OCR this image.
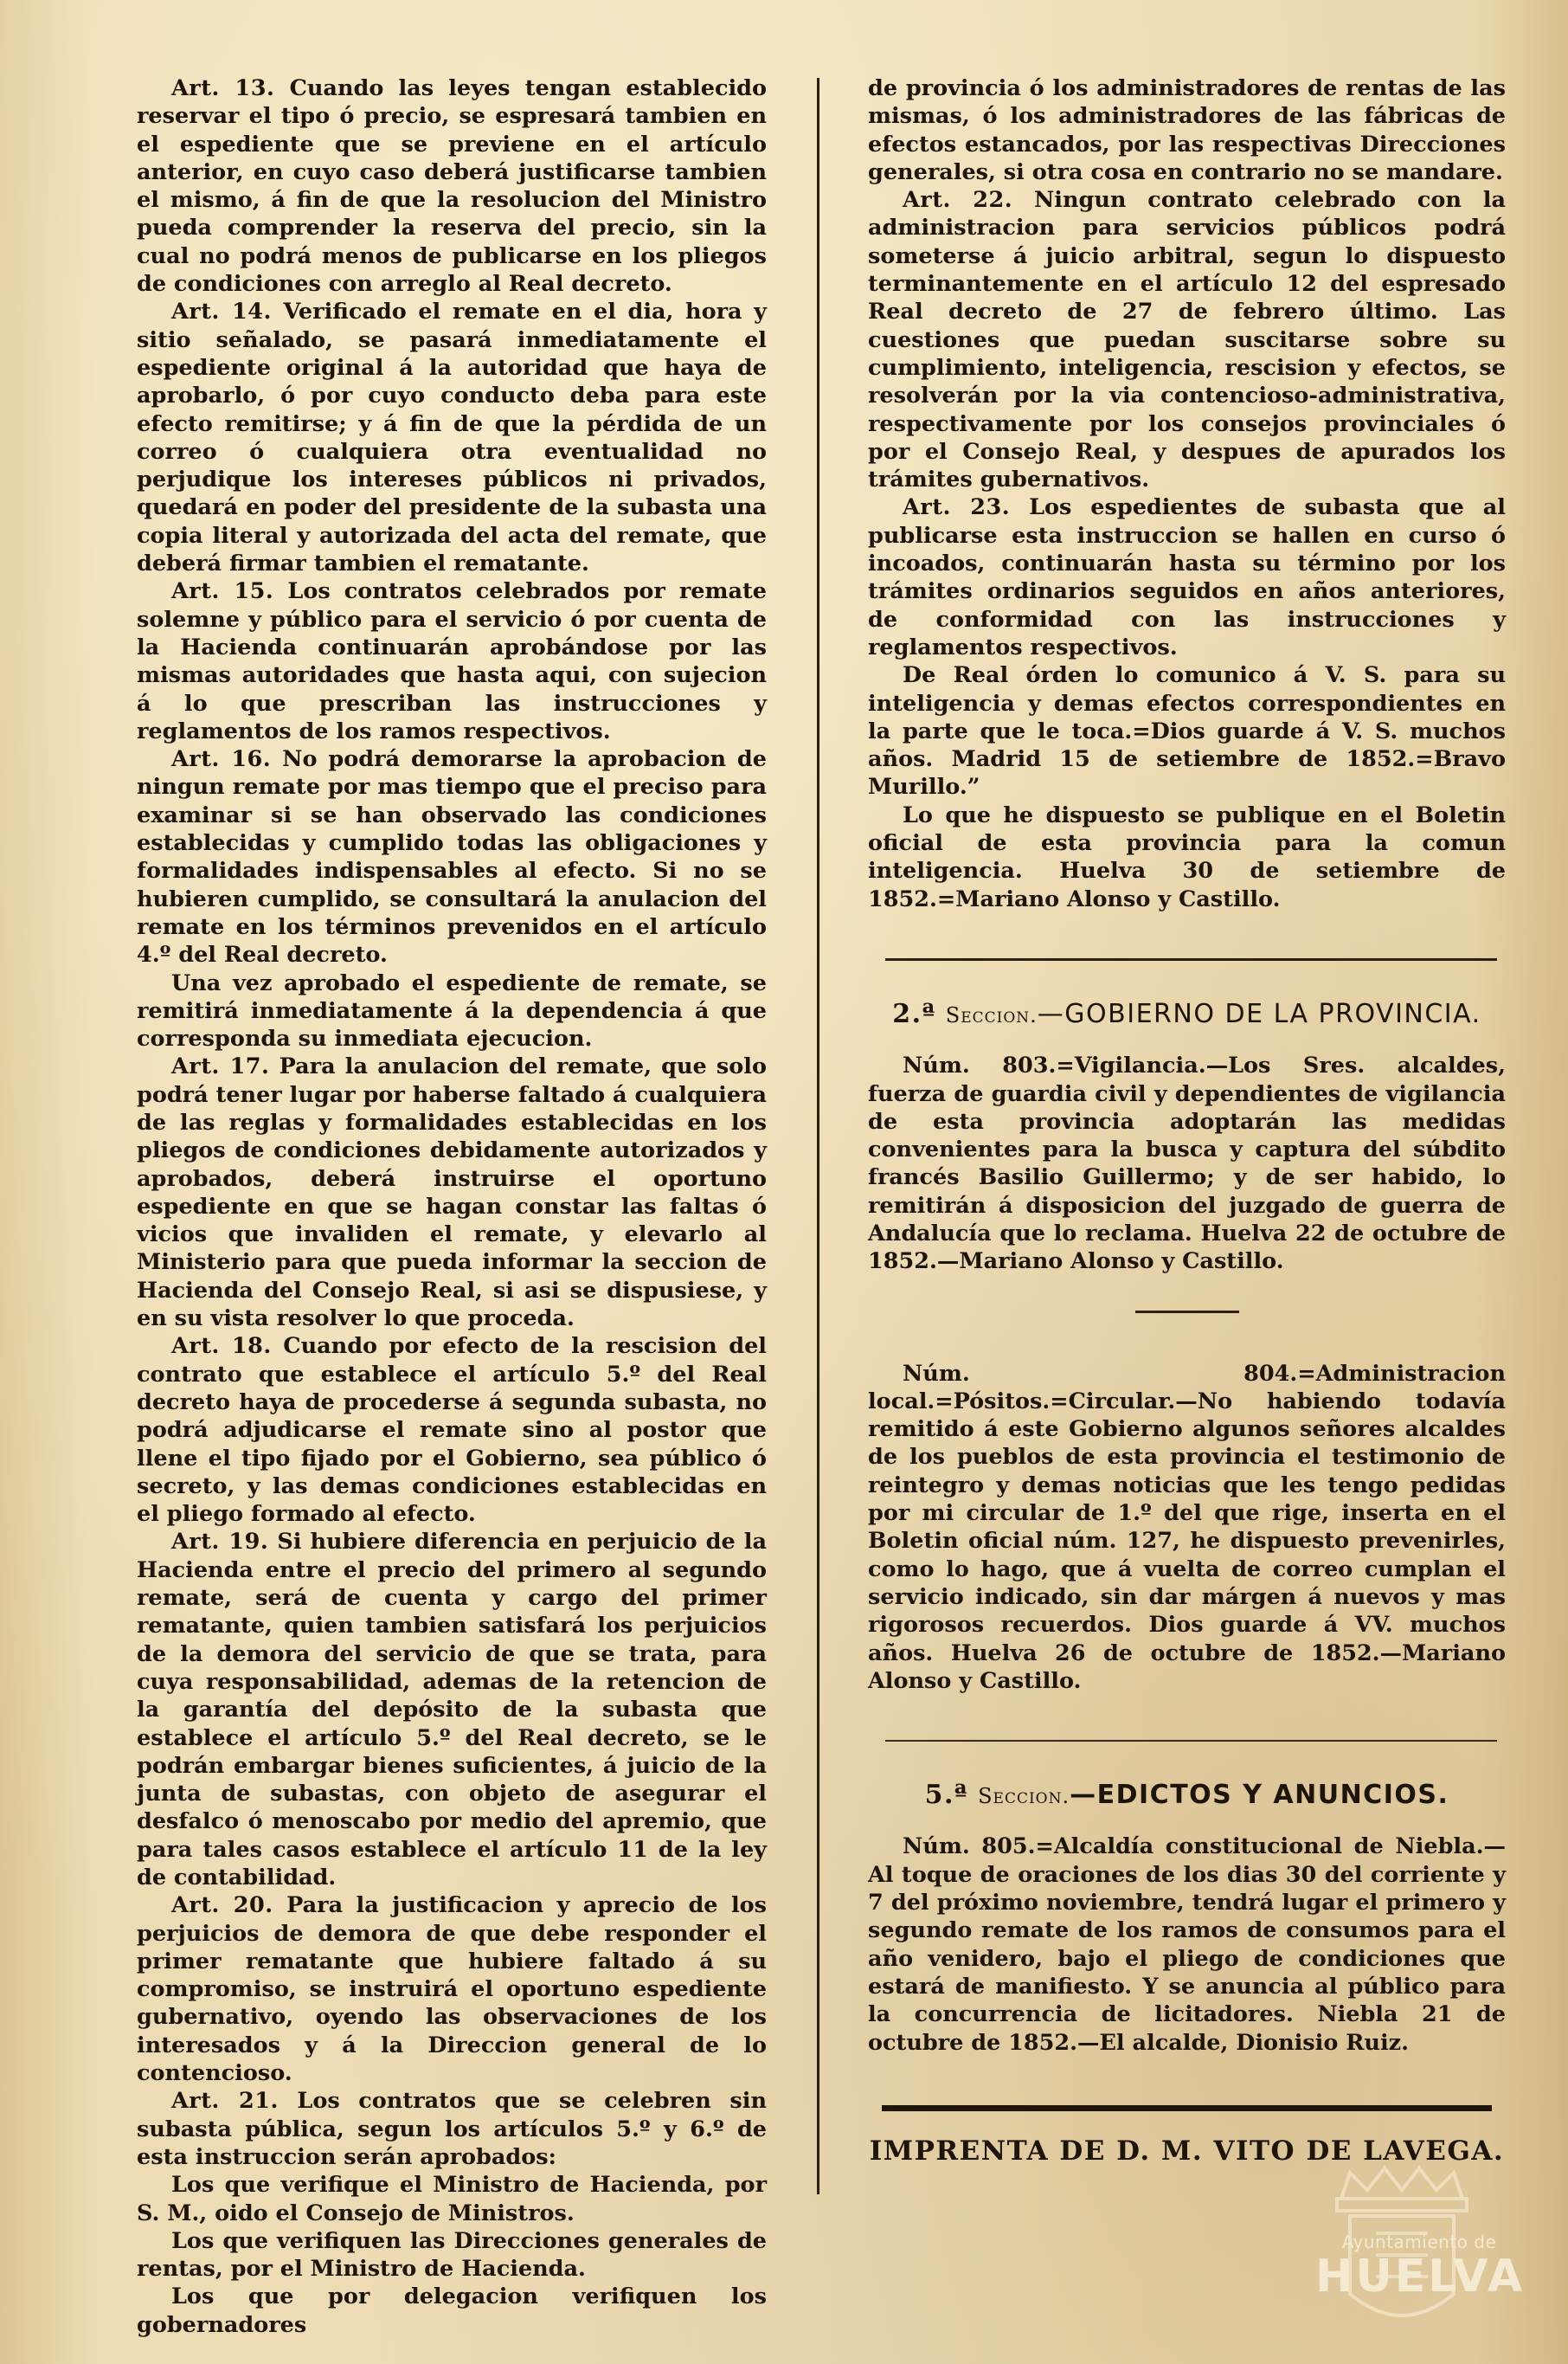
Art. 13. Cuando las leyes tengan establecido reservar el tipo ó precio, se espresará tambien en el espediente que se previene en el artículo anterior, en cuyo caso deberá justificarse tambien el mismo, á fin de que la resolucion del Ministro pueda comprender la reserva del precio, sin la cual no podrá menos de publicarse en los pliegos de condiciones con arreglo al Real decreto.

Art. 14. Verificado el remate en el dia, hora y sitio señalado, se pasará inmediatamente el espediente original á la autoridad que haya de aprobarlo, ó por cuyo conducto deba para este efecto remitirse; y á fin de que la pérdida de un correo ó cualquiera otra eventualidad no perjudique los intereses públicos ni privados, quedará en poder del presidente de la subasta una copia literal y autorizada del acta del remate, que deberá firmar tambien el rematante.

Art. 15. Los contratos celebrados por remate solemne y público para el servicio ó por cuenta de la Hacienda continuarán aprobándose por las mismas autoridades que hasta aqui, con sujecion á lo que prescriban las instrucciones y reglamentos de los ramos respectivos.

Art. 16. No podrá demorarse la aprobacion de ningun remate por mas tiempo que el preciso para examinar si se han observado las condiciones establecidas y cumplido todas las obligaciones y formalidades indispensables al efecto. Si no se hubieren cumplido, se consultará la anulacion del remate en los términos prevenidos en el artículo 4.º del Real decreto.

Una vez aprobado el espediente de remate, se remitirá inmediatamente á la dependencia á que corresponda su inmediata ejecucion.

Art. 17. Para la anulacion del remate, que solo podrá tener lugar por haberse faltado á cualquiera de las reglas y formalidades establecidas en los pliegos de condiciones debidamente autorizados y aprobados, deberá instruirse el oportuno espediente en que se hagan constar las faltas ó vicios que invaliden el remate, y elevarlo al Ministerio para que pueda informar la seccion de Hacienda del Consejo Real, si asi se dispusiese, y en su vista resolver lo que proceda.

Art. 18. Cuando por efecto de la rescision del contrato que establece el artículo 5.º del Real decreto haya de procederse á segunda subasta, no podrá adjudicarse el remate sino al postor que llene el tipo fijado por el Gobierno, sea público ó secreto, y las demas condiciones establecidas en el pliego formado al efecto.

Art. 19. Si hubiere diferencia en perjuicio de la Hacienda entre el precio del primero al segundo remate, será de cuenta y cargo del primer rematante, quien tambien satisfará los perjuicios de la demora del servicio de que se trata, para cuya responsabilidad, ademas de la retencion de la garantía del depósito de la subasta que establece el artículo 5.º del Real decreto, se le podrán embargar bienes suficientes, á juicio de la junta de subastas, con objeto de asegurar el desfalco ó menoscabo por medio del apremio, que para tales casos establece el artículo 11 de la ley de contabilidad.

Art. 20. Para la justificacion y aprecio de los perjuicios de demora de que debe responder el primer rematante que hubiere faltado á su compromiso, se instruirá el oportuno espediente gubernativo, oyendo las observaciones de los interesados y á la Direccion general de lo contencioso.

Art. 21. Los contratos que se celebren sin subasta pública, segun los artículos 5.º y 6.º de esta instruccion serán aprobados:

Los que verifique el Ministro de Hacienda, por S. M., oido el Consejo de Ministros.

Los que verifiquen las Direcciones generales de rentas, por el Ministro de Hacienda.

Los que por delegacion verifiquen los gobernadores

de provincia ó los administradores de rentas de las mismas, ó los administradores de las fábricas de efectos estancados, por las respectivas Direcciones generales, si otra cosa en contrario no se mandare.

Art. 22. Ningun contrato celebrado con la administracion para servicios públicos podrá someterse á juicio arbitral, segun lo dispuesto terminantemente en el artículo 12 del espresado Real decreto de 27 de febrero último. Las cuestiones que puedan suscitarse sobre su cumplimiento, inteligencia, rescision y efectos, se resolverán por la via contencioso-administrativa, respectivamente por los consejos provinciales ó por el Consejo Real, y despues de apurados los trámites gubernativos.

Art. 23. Los espedientes de subasta que al publicarse esta instruccion se hallen en curso ó incoados, continuarán hasta su término por los trámites ordinarios seguidos en años anteriores, de conformidad con las instrucciones y reglamentos respectivos.

De Real órden lo comunico á V. S. para su inteligencia y demas efectos correspondientes en la parte que le toca.=Dios guarde á V. S. muchos años. Madrid 15 de setiembre de 1852.=Bravo Murillo.”

Lo que he dispuesto se publique en el Boletin oficial de esta provincia para la comun inteligencia. Huelva 30 de setiembre de 1852.=Mariano Alonso y Castillo.

2.ª Seccion.—GOBIERNO DE LA PROVINCIA.

Núm. 803.=Vigilancia.—Los Sres. alcaldes, fuerza de guardia civil y dependientes de vigilancia de esta provincia adoptarán las medidas convenientes para la busca y captura del súbdito francés Basilio Guillermo; y de ser habido, lo remitirán á disposicion del juzgado de guerra de Andalucía que lo reclama. Huelva 22 de octubre de 1852.—Mariano Alonso y Castillo.

Núm. 804.=Administracion local.=Pósitos.=Circular.—No habiendo todavía remitido á este Gobierno algunos señores alcaldes de los pueblos de esta provincia el testimonio de reintegro y demas noticias que les tengo pedidas por mi circular de 1.º del que rige, inserta en el Boletin oficial núm. 127, he dispuesto prevenirles, como lo hago, que á vuelta de correo cumplan el servicio indicado, sin dar márgen á nuevos y mas rigorosos recuerdos. Dios guarde á VV. muchos años. Huelva 26 de octubre de 1852.—Mariano Alonso y Castillo.

5.ª Seccion.—EDICTOS Y ANUNCIOS.

Núm. 805.=Alcaldía constitucional de Niebla.—Al toque de oraciones de los dias 30 del corriente y 7 del próximo noviembre, tendrá lugar el primero y segundo remate de los ramos de consumos para el año venidero, bajo el pliego de condiciones que estará de manifiesto. Y se anuncia al público para la concurrencia de licitadores. Niebla 21 de octubre de 1852.—El alcalde, Dionisio Ruiz.

IMPRENTA DE D. M. VITO DE LAVEGA.
Ayuntamiento de
HUELVA
